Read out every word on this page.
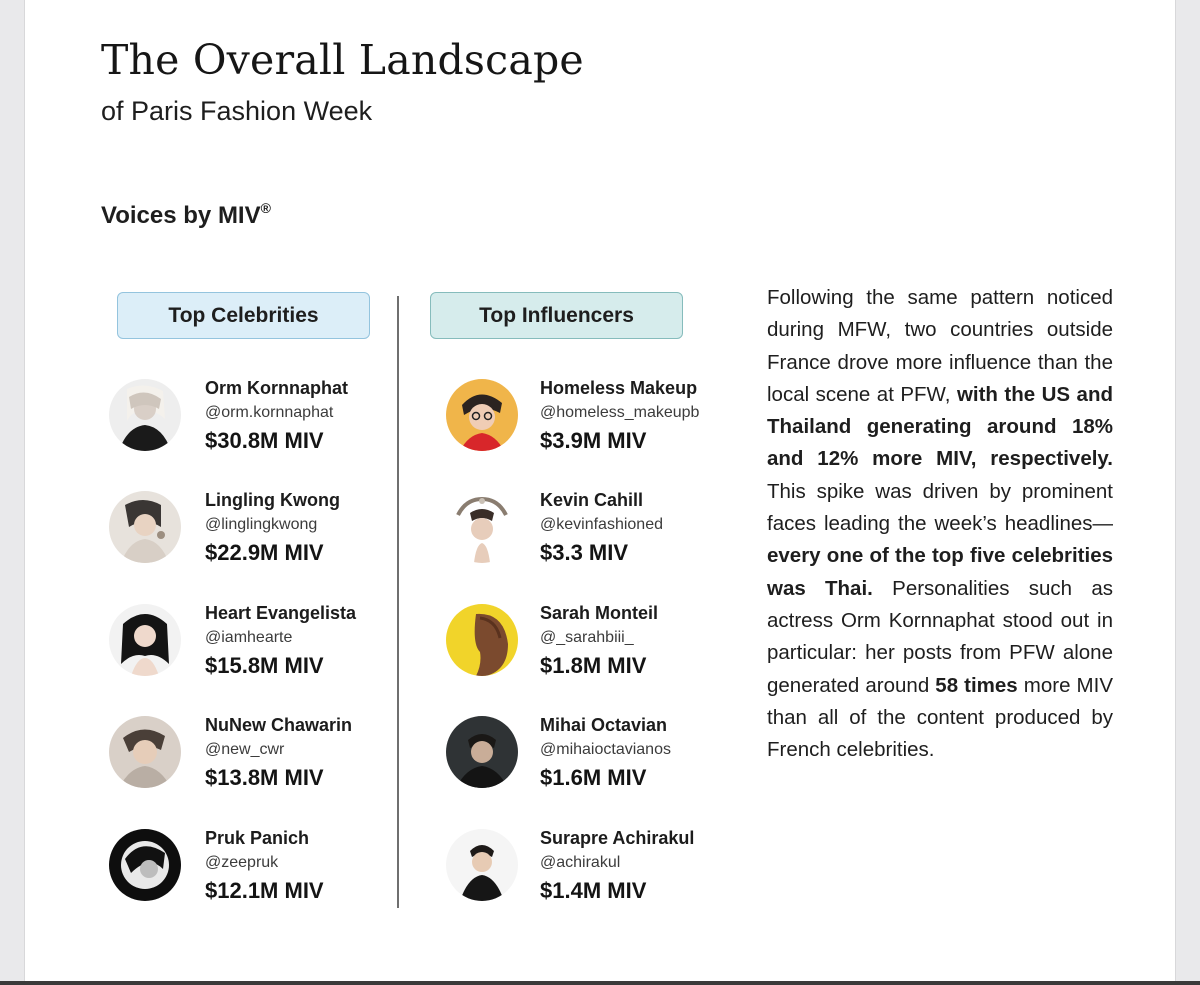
The Overall Landscape
of Paris Fashion Week
Voices by MIV®
Top Celebrities	Top Influencers
Orm Kornnaphat
@orm.kornnaphat
$30.8M MIV
Lingling Kwong
@linglingkwong
$22.9M MIV
Heart Evangelista
@iamhearte
$15.8M MIV
NuNew Chawarin
@new_cwr
$13.8M MIV
Pruk Panich
@zeepruk
$12.1M MIV
Homeless Makeup
@homeless_makeupb
$3.9M MIV
Kevin Cahill
@kevinfashioned
$3.3 MIV
Sarah Monteil
@_sarahbiii_
$1.8M MIV
Mihai Octavian
@mihaioctavianos
$1.6M MIV
Surapre Achirakul
@achirakul
$1.4M MIV

Following the same pattern noticed during MFW, two countries outside France drove more influence than the local scene at PFW, with the US and Thailand generating around 18% and 12% more MIV, respectively. This spike was driven by prominent faces leading the week’s headlines—every one of the top five celebrities was Thai. Personalities such as actress Orm Kornnaphat stood out in particular: her posts from PFW alone generated around 58 times more MIV than all of the content produced by French celebrities.
